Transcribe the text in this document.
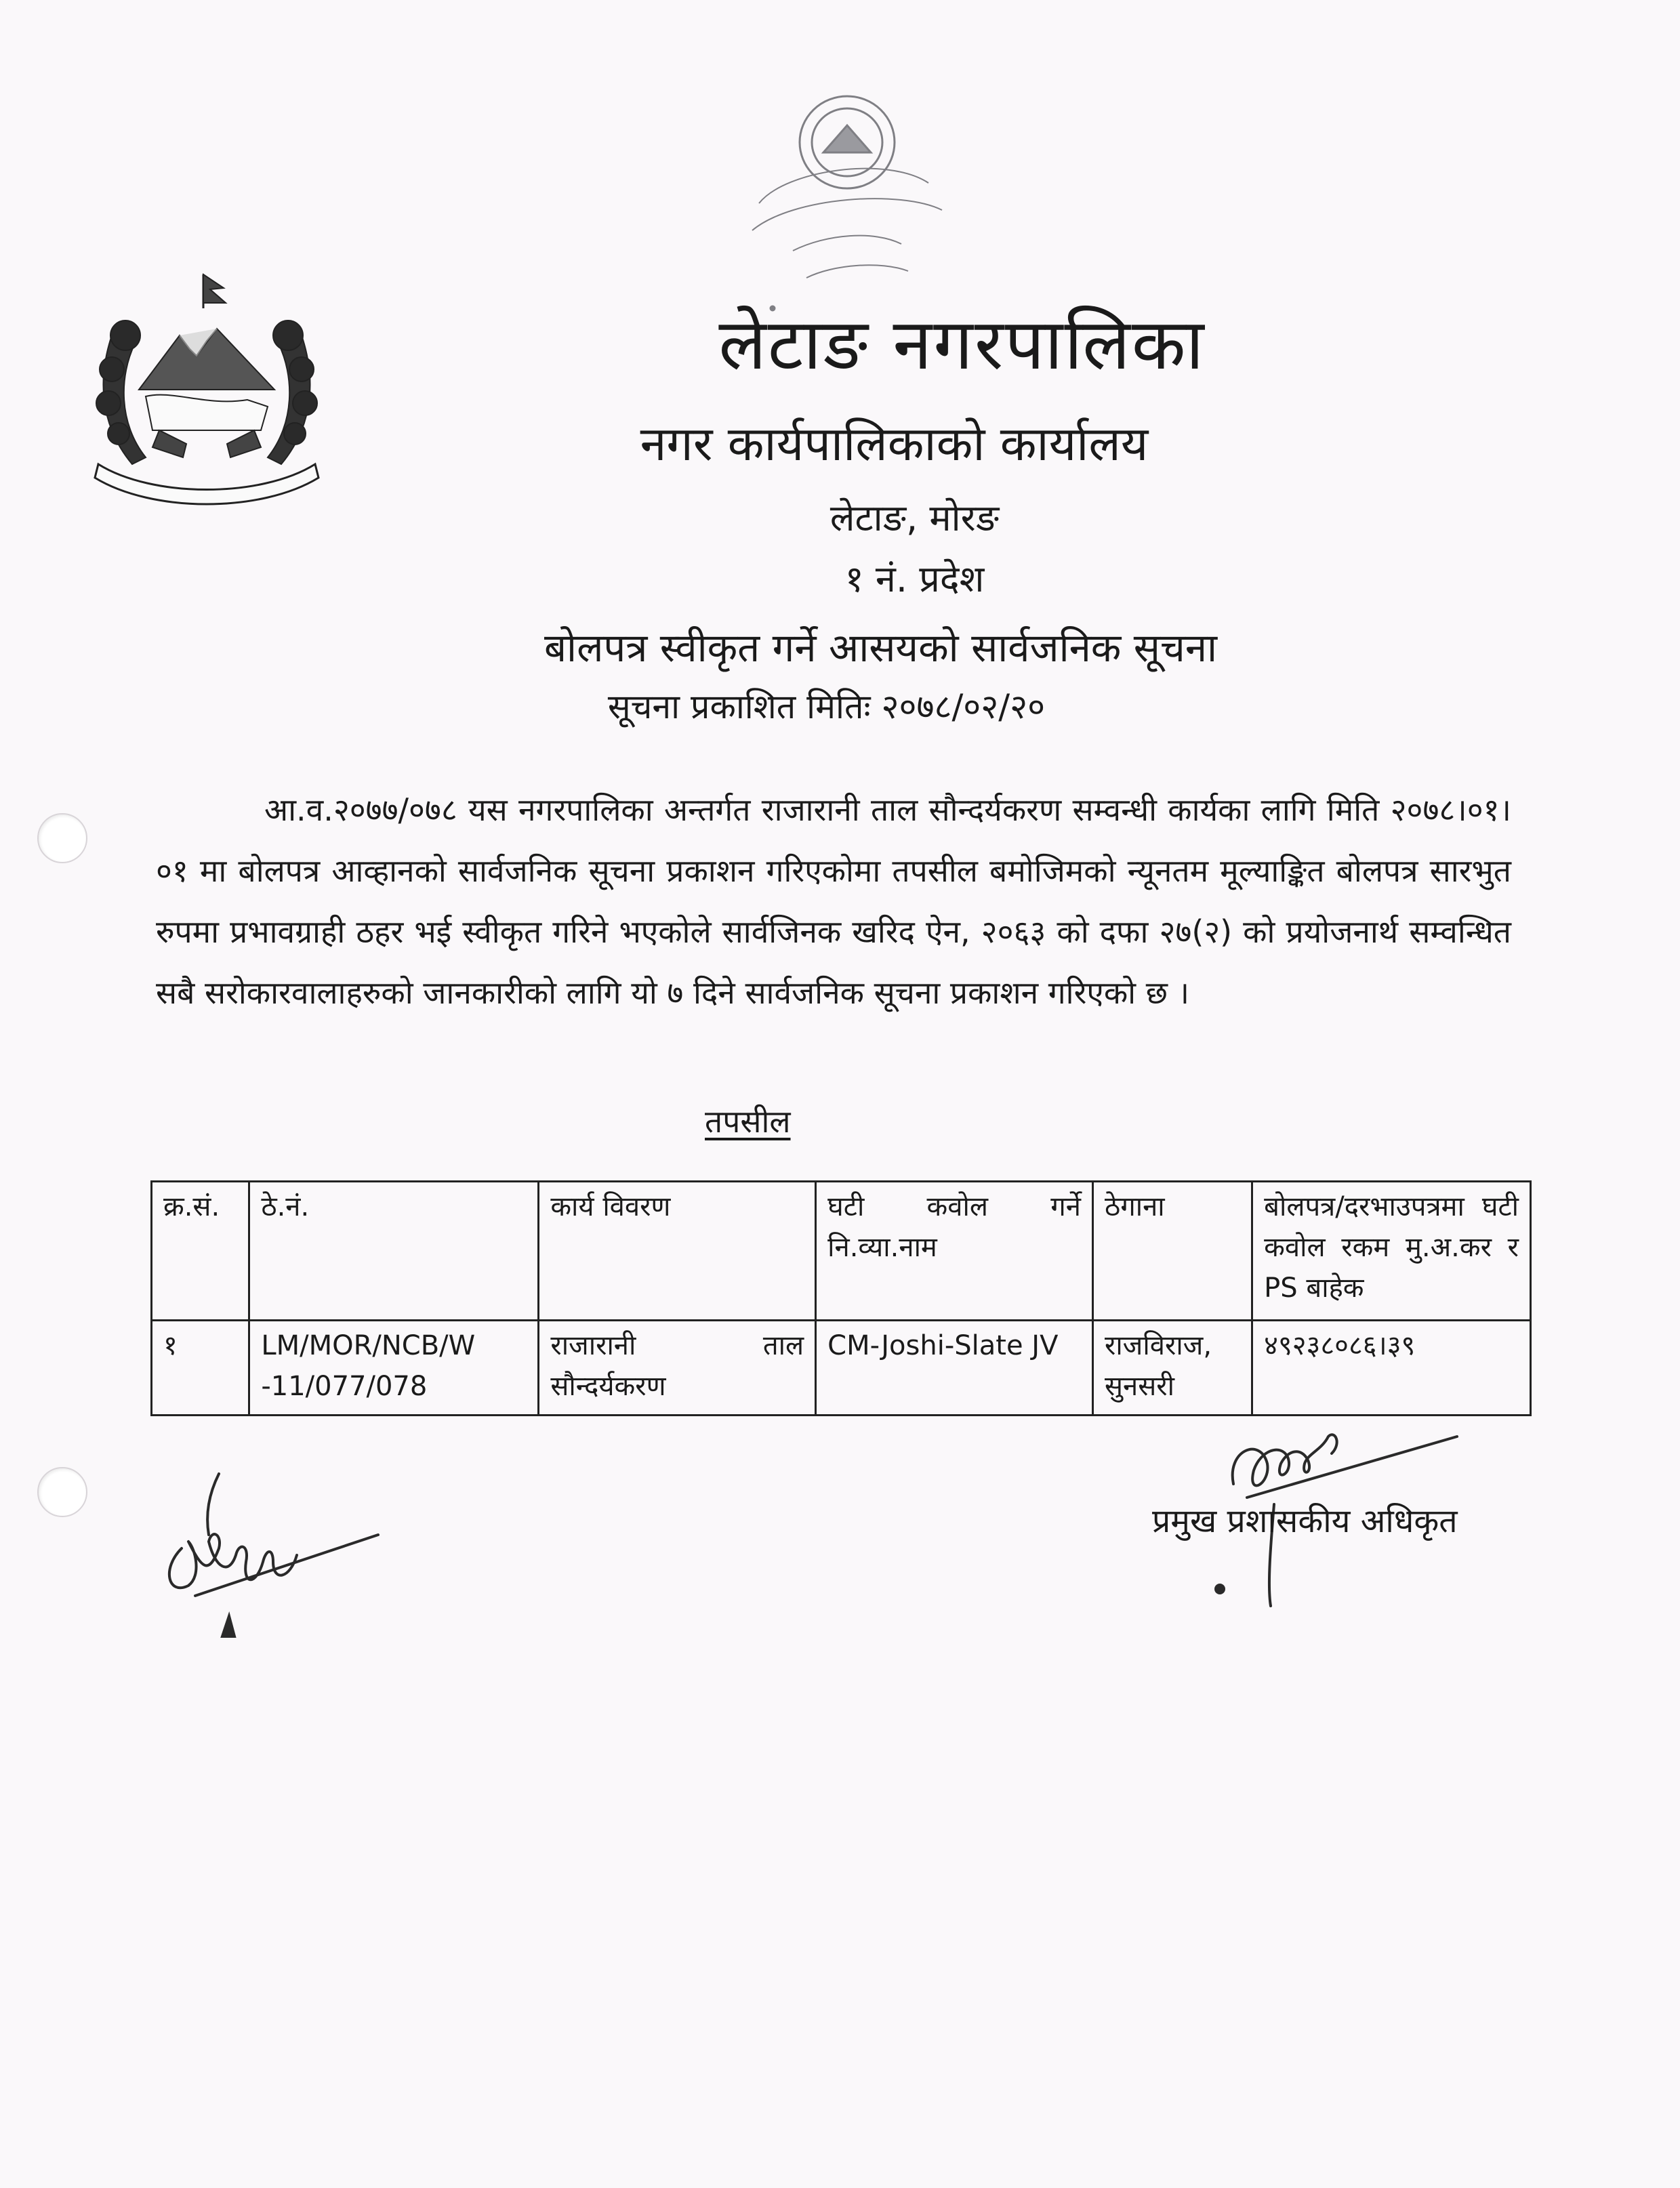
लेटाङ नगरपालिका
नगर कार्यपालिकाको कार्यालय
लेटाङ, मोरङ
१ नं. प्रदेश
बोलपत्र स्वीकृत गर्ने आसयको सार्वजनिक सूचना
सूचना प्रकाशित मितिः २०७८/०२/२०
आ.व.२०७७/०७८ यस नगरपालिका अन्तर्गत राजारानी ताल सौन्दर्यकरण सम्वन्धी कार्यका लागि मिति २०७८।०१।०१ मा बोलपत्र आव्हानको सार्वजनिक सूचना प्रकाशन गरिएकोमा तपसील बमोजिमको न्यूनतम मूल्याङ्कित बोलपत्र सारभुत रुपमा प्रभावग्राही ठहर भई स्वीकृत गरिने भएकोले सार्वजिनक खरिद ऐन, २०६३ को दफा २७(२) को प्रयोजनार्थ सम्वन्धित सबै सरोकारवालाहरुको जानकारीको लागि यो ७ दिने सार्वजनिक सूचना प्रकाशन गरिएको छ ।
तपसील
क्र.सं.	ठे.नं.	कार्य विवरण	घटी कवोल गर्ने नि.व्या.नाम	ठेगाना	बोलपत्र/दरभाउपत्रमा घटी कवोल रकम मु.अ.कर र PS बाहेक
१	LM/MOR/NCB/W -11/077/078	राजारानी ताल सौन्दर्यकरण	CM-Joshi-Slate JV	राजविराज, सुनसरी	४९२३८०८६।३९
प्रमुख प्रशासकीय अधिकृत
